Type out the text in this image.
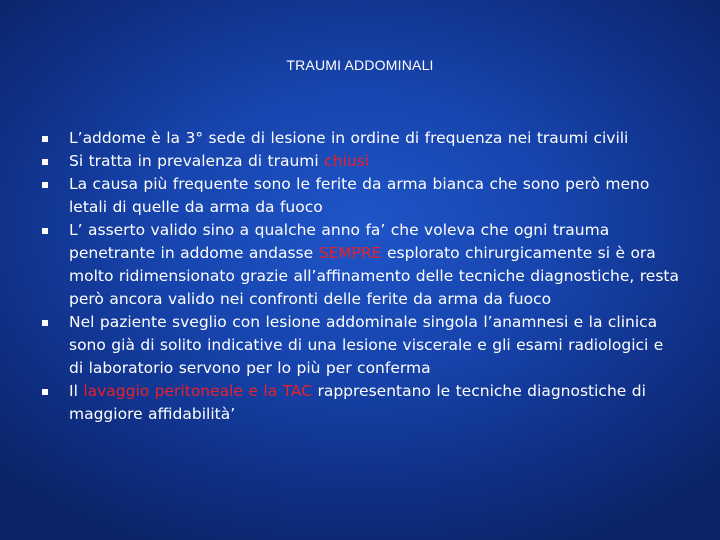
TRAUMI ADDOMINALI
L’addome è la 3° sede di lesione in ordine di frequenza nei traumi civili
Si tratta in prevalenza di traumi chiusi
La causa più frequente sono le ferite da arma bianca che sono però meno letali di quelle da arma da fuoco
L’ asserto valido sino a qualche anno fa’ che voleva che ogni trauma penetrante in addome andasse SEMPRE esplorato chirurgicamente si è ora molto ridimensionato grazie all’affinamento delle tecniche diagnostiche, resta però ancora valido nei confronti delle ferite da arma da fuoco
Nel paziente sveglio con lesione addominale singola l’anamnesi e la clinica sono già di solito indicative di una lesione viscerale e gli esami radiologici e di laboratorio servono per lo più per conferma
Il lavaggio peritoneale e la TAC rappresentano le tecniche diagnostiche di maggiore affidabilità’
